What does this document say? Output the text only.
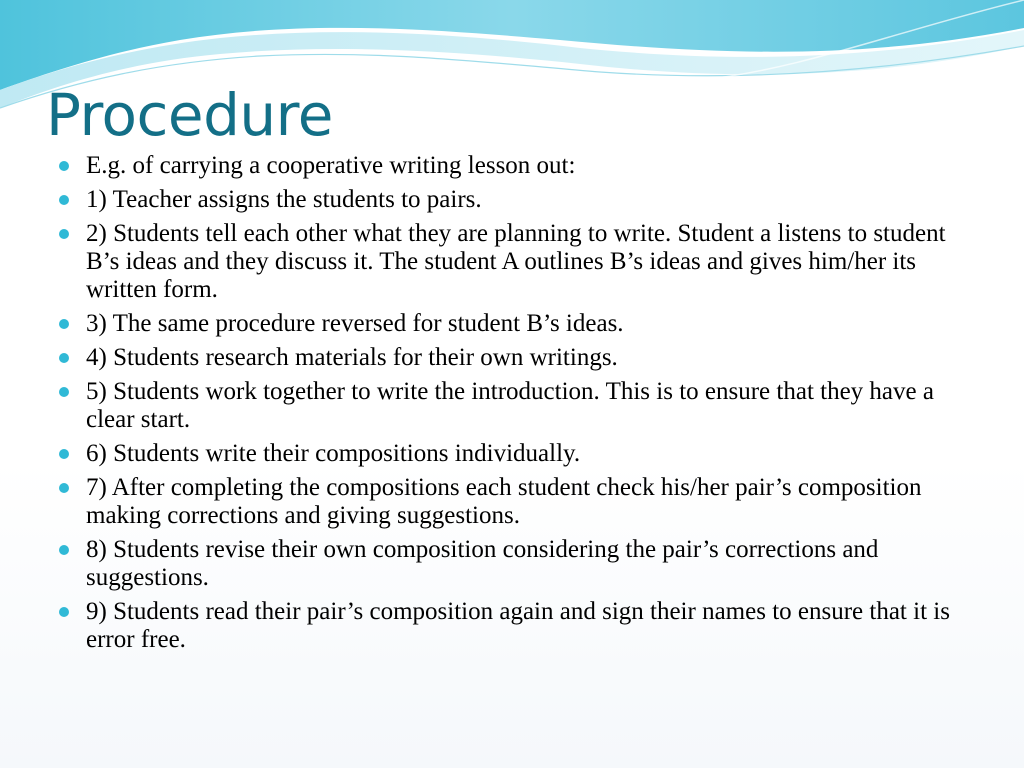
Procedure
E.g. of carrying a cooperative writing lesson out:
1) Teacher assigns the students to pairs.
2) Students tell each other what they are planning to write. Student a listens to student B’s ideas and they discuss it. The student A outlines B’s ideas and gives him/her its written form.
3) The same procedure reversed for student B’s ideas.
4) Students research materials for their own writings.
5) Students work together to write the introduction. This is to ensure that they have a clear start.
6) Students write their compositions individually.
7) After completing the compositions each student check his/her pair’s composition making corrections and giving suggestions.
8) Students revise their own composition considering the pair’s corrections and suggestions.
9) Students read their pair’s composition again and sign their names to ensure that it is error free.
